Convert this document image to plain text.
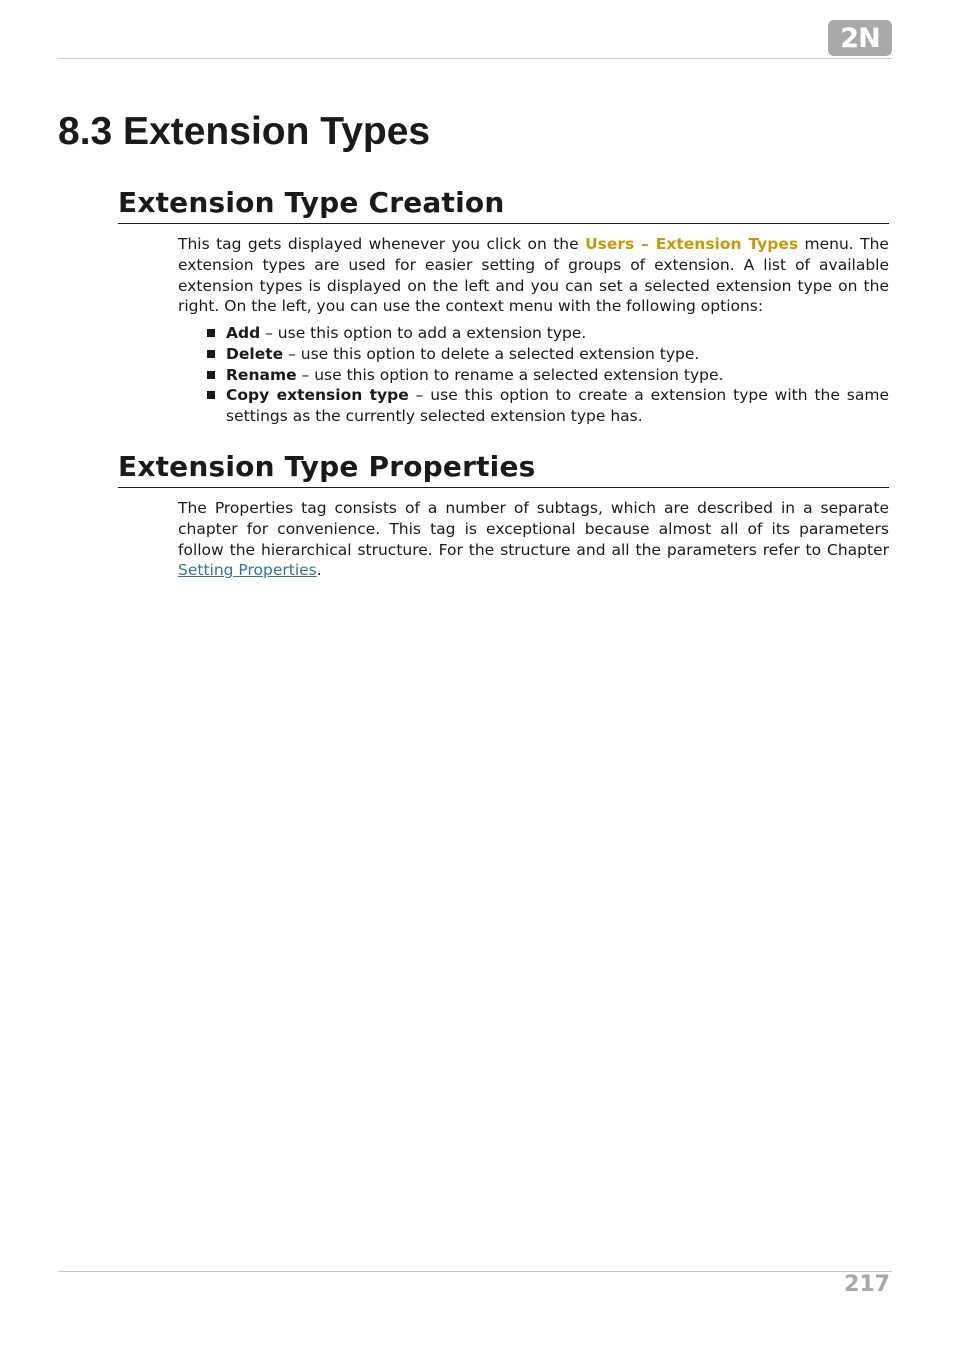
2N
8.3 Extension Types
Extension Type Creation

This tag gets displayed whenever you click on the Users – Extension Types menu. The extension types are used for easier setting of groups of extension. A list of available extension types is displayed on the left and you can set a selected extension type on the right. On the left, you can use the context menu with the following options:

Add – use this option to add a extension type.
Delete – use this option to delete a selected extension type.
Rename – use this option to rename a selected extension type.
Copy extension type – use this option to create a extension type with the same settings as the currently selected extension type has.
Extension Type Properties

The Properties tag consists of a number of subtags, which are described in a separate chapter for convenience. This tag is exceptional because almost all of its parameters follow the hierarchical structure. For the structure and all the parameters refer to Chapter Setting Properties.

217
